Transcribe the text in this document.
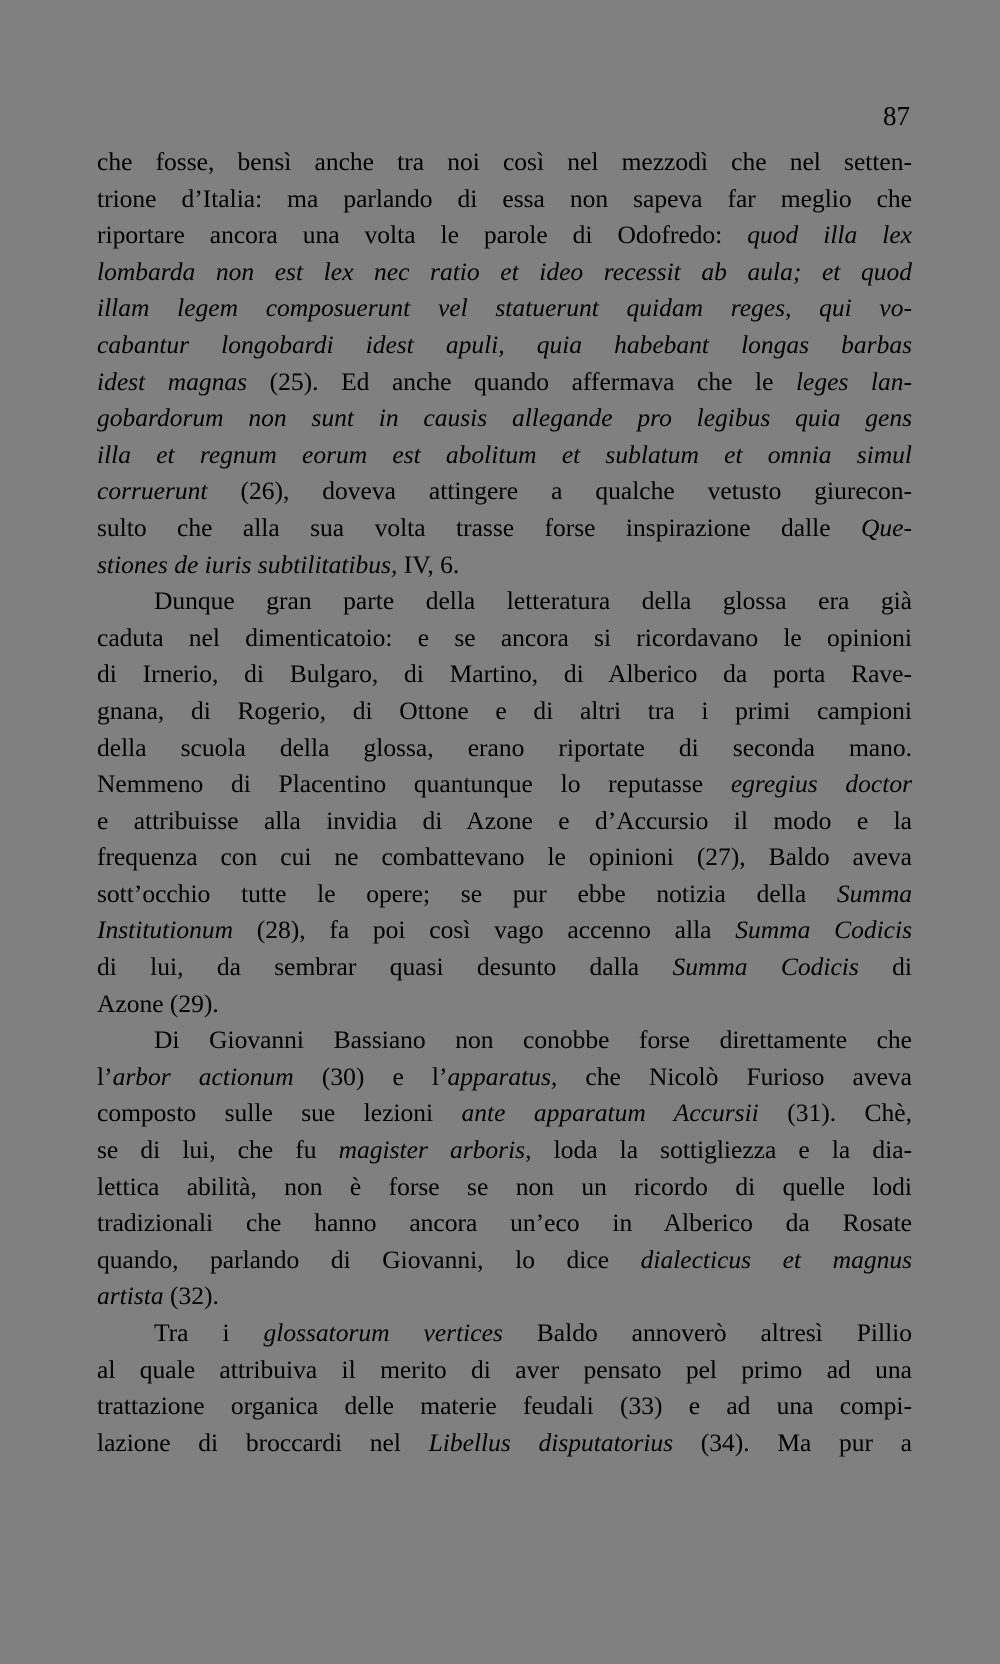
87
che fosse, bensì anche tra noi così nel mezzodì che nel setten-
trione d’Italia: ma parlando di essa non sapeva far meglio che
riportare ancora una volta le parole di Odofredo: quod illa lex
lombarda non est lex nec ratio et ideo recessit ab aula; et quod
illam legem composuerunt vel statuerunt quidam reges, qui vo-
cabantur longobardi idest apuli, quia habebant longas barbas
idest magnas (25). Ed anche quando affermava che le leges lan-
gobardorum non sunt in causis allegande pro legibus quia gens
illa et regnum eorum est abolitum et sublatum et omnia simul
corruerunt (26), doveva attingere a qualche vetusto giurecon-
sulto che alla sua volta trasse forse inspirazione dalle Que-
stiones de iuris subtilitatibus, IV, 6.
Dunque gran parte della letteratura della glossa era già
caduta nel dimenticatoio: e se ancora si ricordavano le opinioni
di Irnerio, di Bulgaro, di Martino, di Alberico da porta Rave-
gnana, di Rogerio, di Ottone e di altri tra i primi campioni
della scuola della glossa, erano riportate di seconda mano.
Nemmeno di Placentino quantunque lo reputasse egregius doctor
e attribuisse alla invidia di Azone e d’Accursio il modo e la
frequenza con cui ne combattevano le opinioni (27), Baldo aveva
sott’occhio tutte le opere; se pur ebbe notizia della Summa
Institutionum (28), fa poi così vago accenno alla Summa Codicis
di lui, da sembrar quasi desunto dalla Summa Codicis di
Azone (29).
Di Giovanni Bassiano non conobbe forse direttamente che
l’arbor actionum (30) e l’apparatus, che Nicolò Furioso aveva
composto sulle sue lezioni ante apparatum Accursii (31). Chè,
se di lui, che fu magister arboris, loda la sottigliezza e la dia-
lettica abilità, non è forse se non un ricordo di quelle lodi
tradizionali che hanno ancora un’eco in Alberico da Rosate
quando, parlando di Giovanni, lo dice dialecticus et magnus
artista (32).
Tra i glossatorum vertices Baldo annoverò altresì Pillio
al quale attribuiva il merito di aver pensato pel primo ad una
trattazione organica delle materie feudali (33) e ad una compi-
lazione di broccardi nel Libellus disputatorius (34). Ma pur a
